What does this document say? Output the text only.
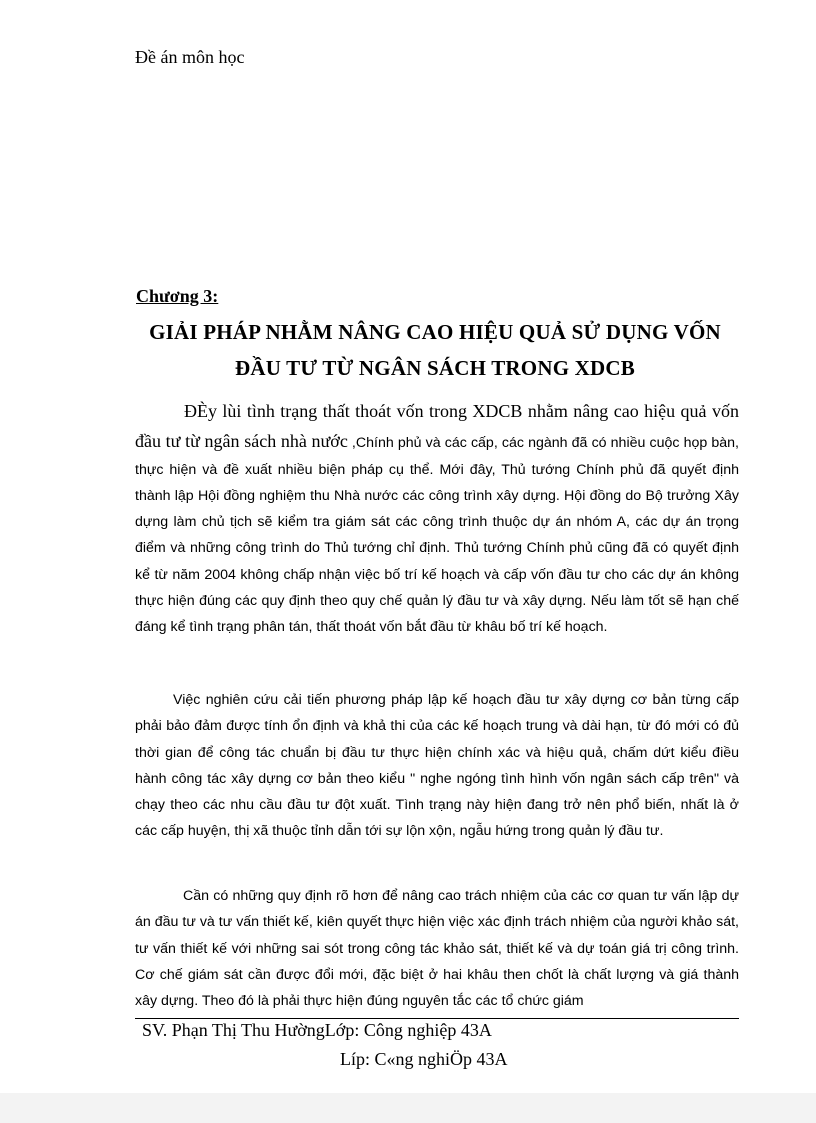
Đề án môn học
Chương 3:
GIẢI PHÁP NHẰM NÂNG CAO HIỆU QUẢ SỬ DỤNG VỐN
ĐẦU TƯ TỪ NGÂN SÁCH TRONG XDCB
ĐÈy lùi tình trạng thất thoát vốn trong XDCB nhằm nâng cao hiệu quả vốn đầu tư từ ngân sách nhà nước ,Chính phủ và các cấp, các ngành đã có nhiều cuộc họp bàn, thực hiện và đề xuất nhiều biện pháp cụ thể. Mới đây, Thủ tướng Chính phủ đã quyết định thành lập Hội đồng nghiệm thu Nhà nước các công trình xây dựng. Hội đồng do Bộ trưởng Xây dựng làm chủ tịch sẽ kiểm tra giám sát các công trình thuộc dự án nhóm A, các dự án trọng điểm và những công trình do Thủ tướng chỉ định. Thủ tướng Chính phủ cũng đã có quyết định kể từ năm 2004 không chấp nhận việc bố trí kế hoạch và cấp vốn đầu tư cho các dự án không thực hiện đúng các quy định theo quy chế quản lý đầu tư và xây dựng. Nếu làm tốt sẽ hạn chế đáng kể tình trạng phân tán, thất thoát vốn bắt đầu từ khâu bố trí kế hoạch.
Việc nghiên cứu cải tiến phương pháp lập kế hoạch đầu tư xây dựng cơ bản từng cấp phải bảo đảm được tính ổn định và khả thi của các kế hoạch trung và dài hạn, từ đó mới có đủ thời gian để công tác chuẩn bị đầu tư thực hiện chính xác và hiệu quả, chấm dứt kiểu điều hành công tác xây dựng cơ bản theo kiểu " nghe ngóng tình hình vốn ngân sách cấp trên" và chạy theo các nhu cầu đầu tư đột xuất. Tình trạng này hiện đang trở nên phổ biến, nhất là ở các cấp huyện, thị xã thuộc tỉnh dẫn tới sự lộn xộn, ngẫu hứng trong quản lý đầu tư.
Cần có những quy định rõ hơn để nâng cao trách nhiệm của các cơ quan tư vấn lập dự án đầu tư và tư vấn thiết kế, kiên quyết thực hiện việc xác định trách nhiệm của người khảo sát, tư vấn thiết kế với những sai sót trong công tác khảo sát, thiết kế và dự toán giá trị công trình. Cơ chế giám sát cần được đổi mới, đặc biệt ở hai khâu then chốt là chất lượng và giá thành xây dựng. Theo đó là phải thực hiện đúng nguyên tắc các tổ chức giám
SV. Phạn Thị Thu HườngLớp: Công nghiệp 43A
Líp: C«ng nghiÖp 43A
